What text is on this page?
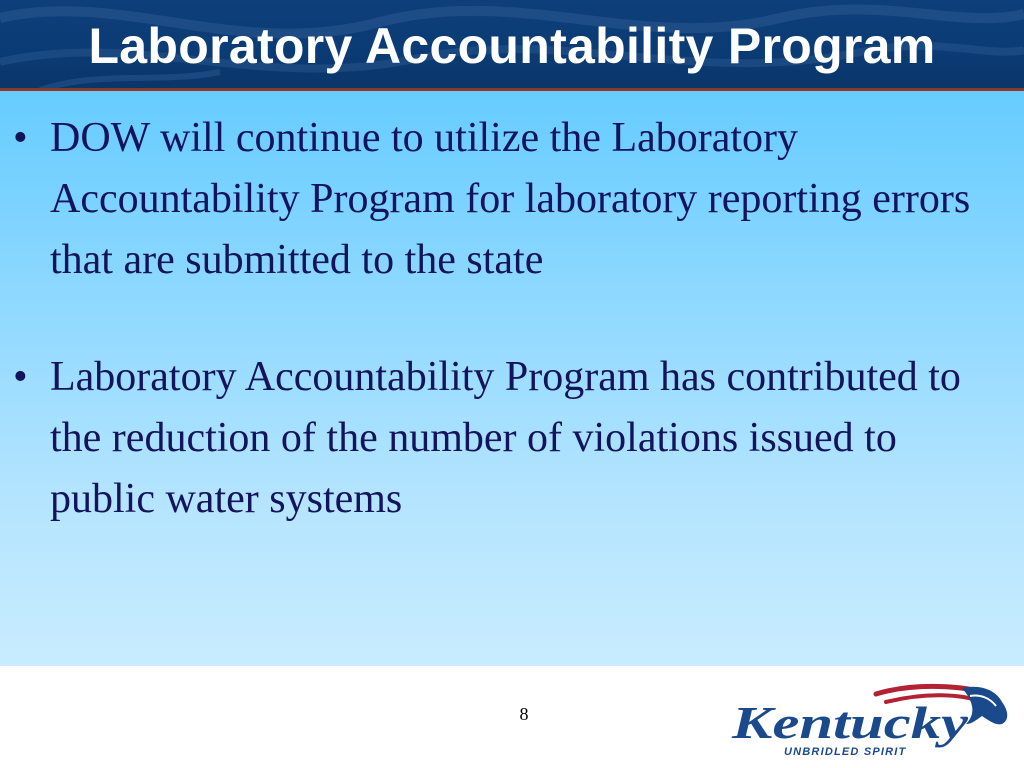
Laboratory Accountability Program
• DOW will continue to utilize the Laboratory Accountability Program for laboratory reporting errors that are submitted to the state
• Laboratory Accountability Program has contributed to the reduction of the number of violations issued to public water systems
8	Kentucky
UNBRIDLED SPIRIT
